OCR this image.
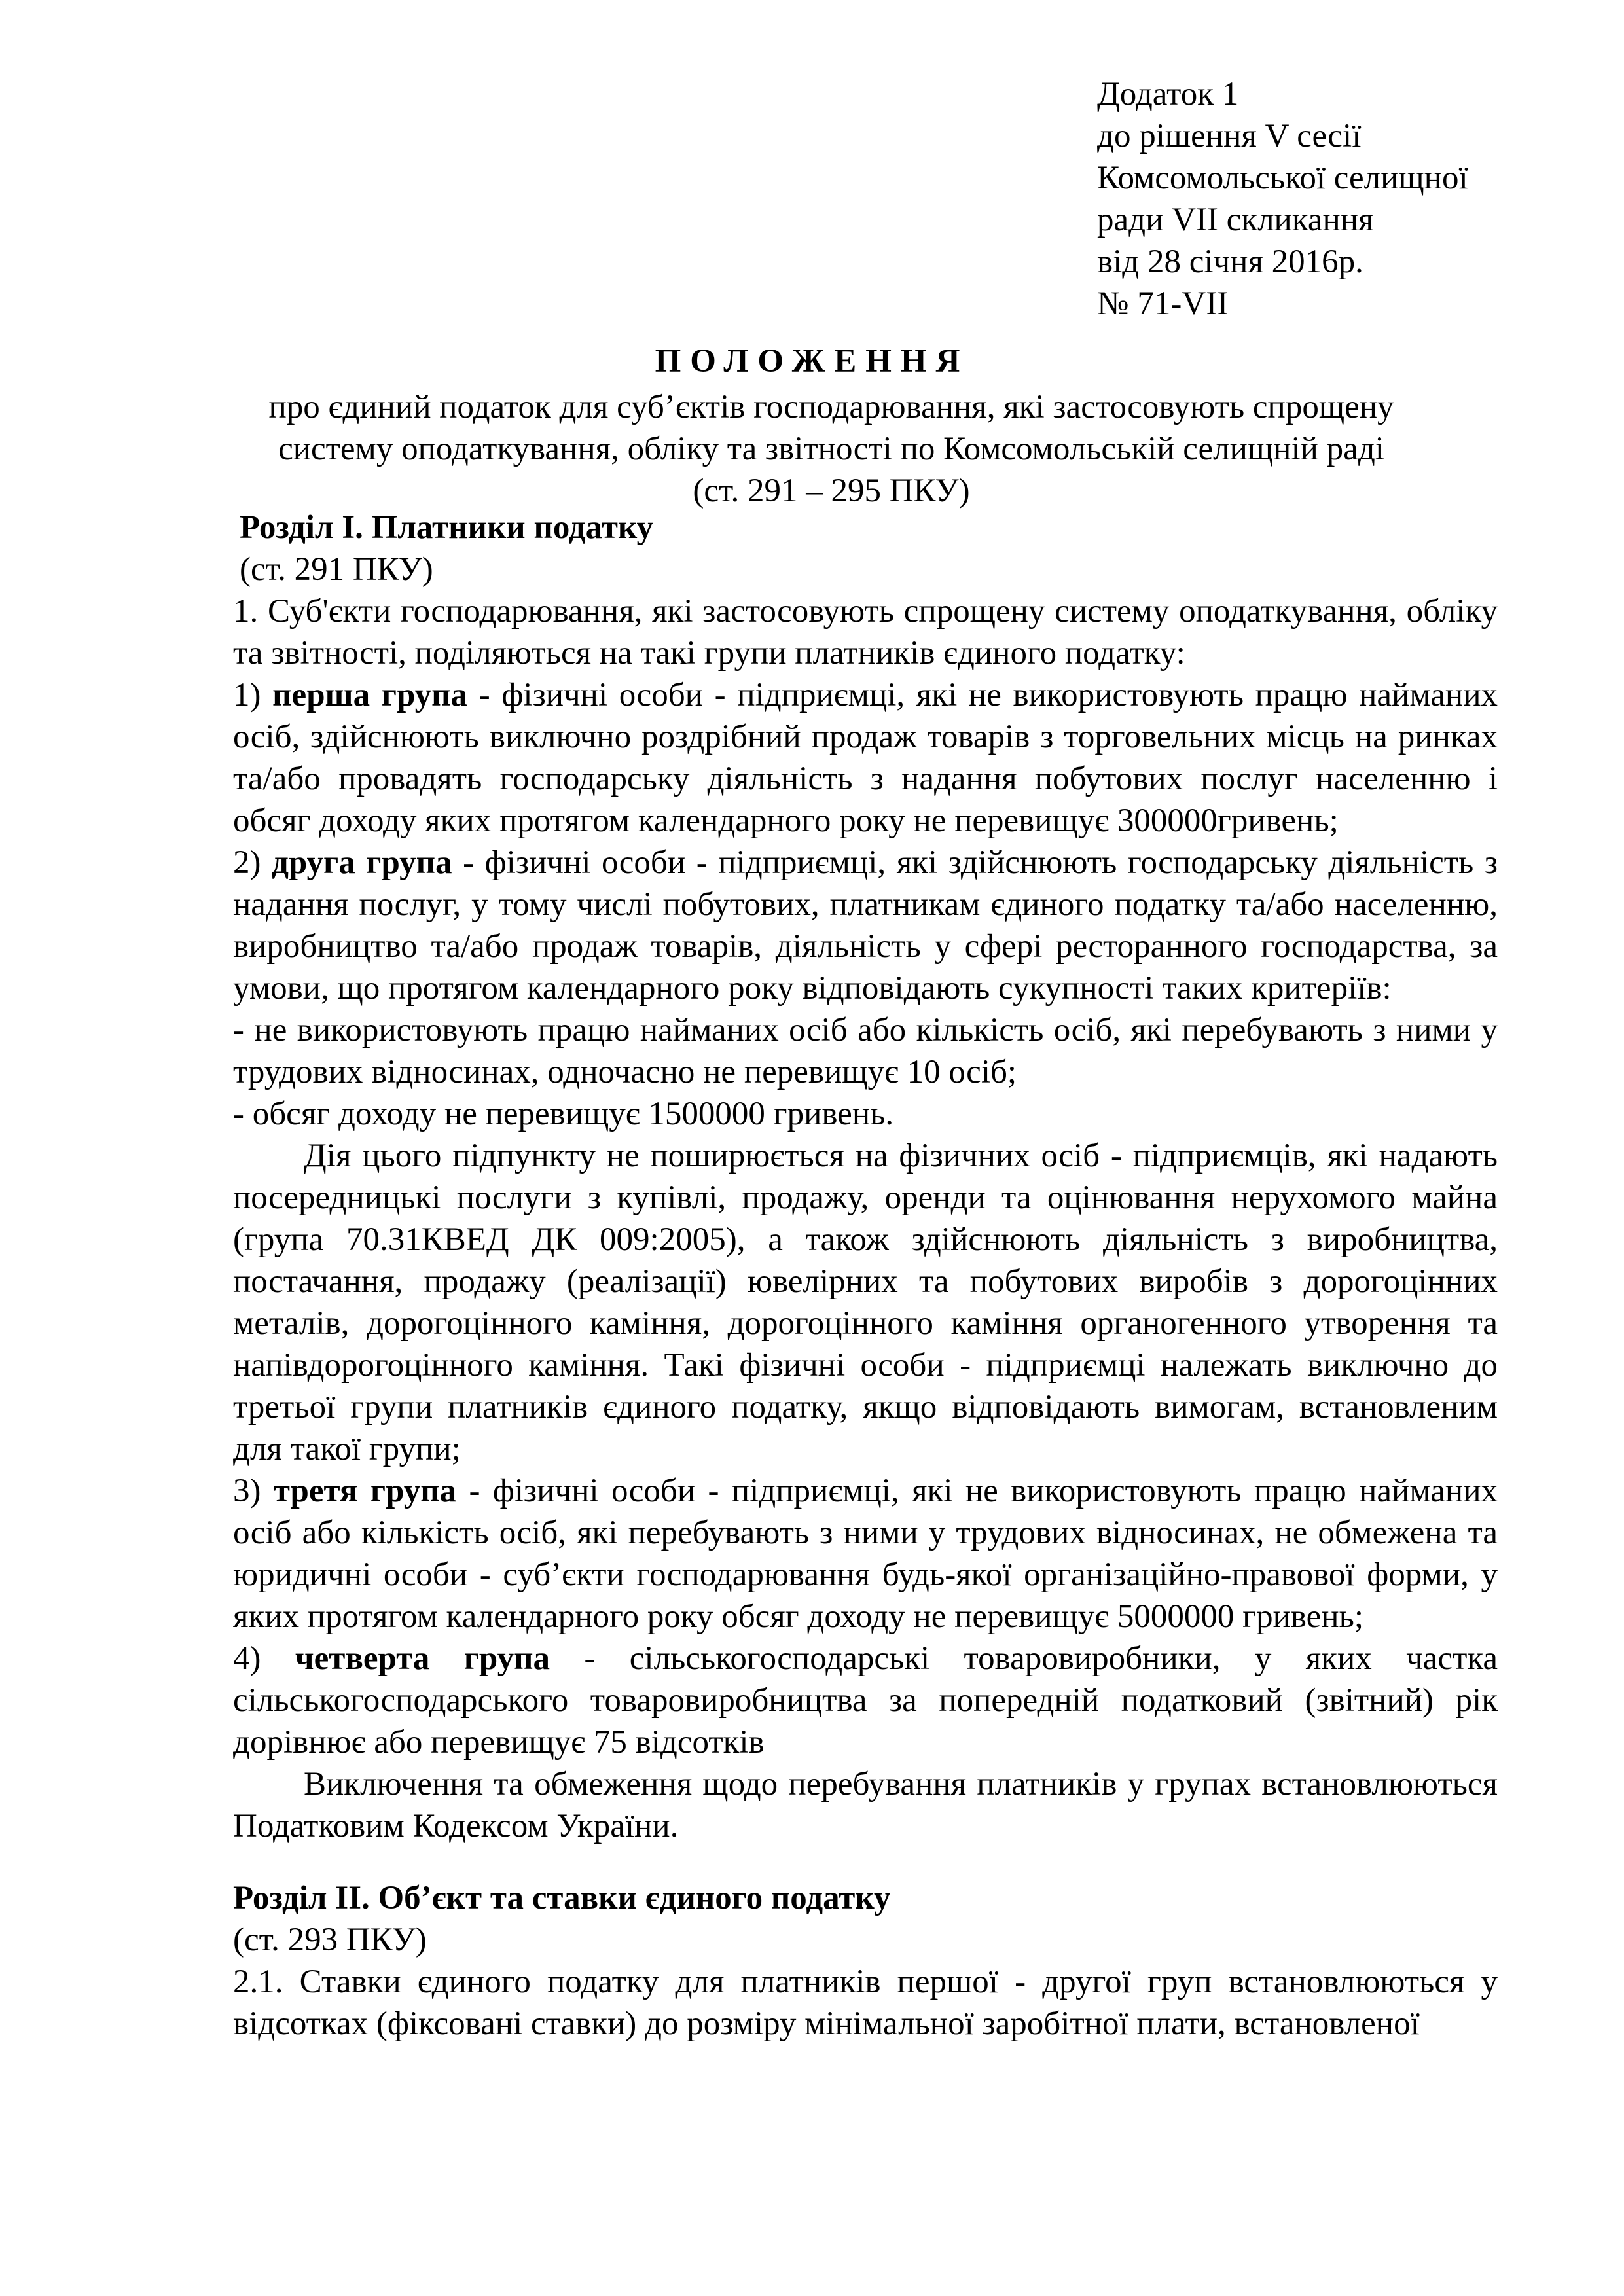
Додаток 1
до рішення V сесії
Комсомольської селищної
ради VII скликання
від 28 січня 2016р.
№ 71-VII
ПОЛОЖЕННЯ
про єдиний податок для суб’єктів господарювання, які застосовують спрощену
систему оподаткування, обліку та звітності по Комсомольській селищній раді
(ст. 291 – 295 ПКУ)
Розділ І. Платники податку
(ст. 291 ПКУ)

1. Суб'єкти господарювання, які застосовують спрощену систему оподаткування, обліку та звітності, поділяються на такі групи платників єдиного податку:

1) перша група - фізичні особи - підприємці, які не використовують працю найманих осіб, здійснюють виключно роздрібний продаж товарів з торговельних місць на ринках та/або провадять господарську діяльність з надання побутових послуг населенню і обсяг доходу яких протягом календарного року не перевищує 300000гривень;

2) друга група - фізичні особи - підприємці, які здійснюють господарську діяльність з надання послуг, у тому числі побутових, платникам єдиного податку та/або населенню, виробництво та/або продаж товарів, діяльність у сфері ресторанного господарства, за умови, що протягом календарного року відповідають сукупності таких критеріїв:

- не використовують працю найманих осіб або кількість осіб, які перебувають з ними у трудових відносинах, одночасно не перевищує 10 осіб;

- обсяг доходу не перевищує 1500000 гривень.

Дія цього підпункту не поширюється на фізичних осіб - підприємців, які надають посередницькі послуги з купівлі, продажу, оренди та оцінювання нерухомого майна (група 70.31КВЕД ДК 009:2005), а також здійснюють діяльність з виробництва, постачання, продажу (реалізації) ювелірних та побутових виробів з дорогоцінних металів, дорогоцінного каміння, дорогоцінного каміння органогенного утворення та напівдорогоцінного каміння. Такі фізичні особи - підприємці належать виключно до третьої групи платників єдиного податку, якщо відповідають вимогам, встановленим для такої групи;

3) третя група - фізичні особи - підприємці, які не використовують працю найманих осіб або кількість осіб, які перебувають з ними у трудових відносинах, не обмежена та юридичні особи - суб’єкти господарювання будь-якої організаційно-правової форми, у яких протягом календарного року обсяг доходу не перевищує 5000000 гривень;

4) четверта група - сільськогосподарські товаровиробники, у яких частка сільськогосподарського товаровиробництва за попередній податковий (звітний) рік дорівнює або перевищує 75 відсотків

Виключення та обмеження щодо перебування платників у групах встановлюються Податковим Кодексом України.

Розділ ІІ. Об’єкт та ставки єдиного податку
(ст. 293 ПКУ)

2.1. Ставки єдиного податку для платників першої - другої груп встановлюються у відсотках (фіксовані ставки) до розміру мінімальної заробітної плати, встановленої
